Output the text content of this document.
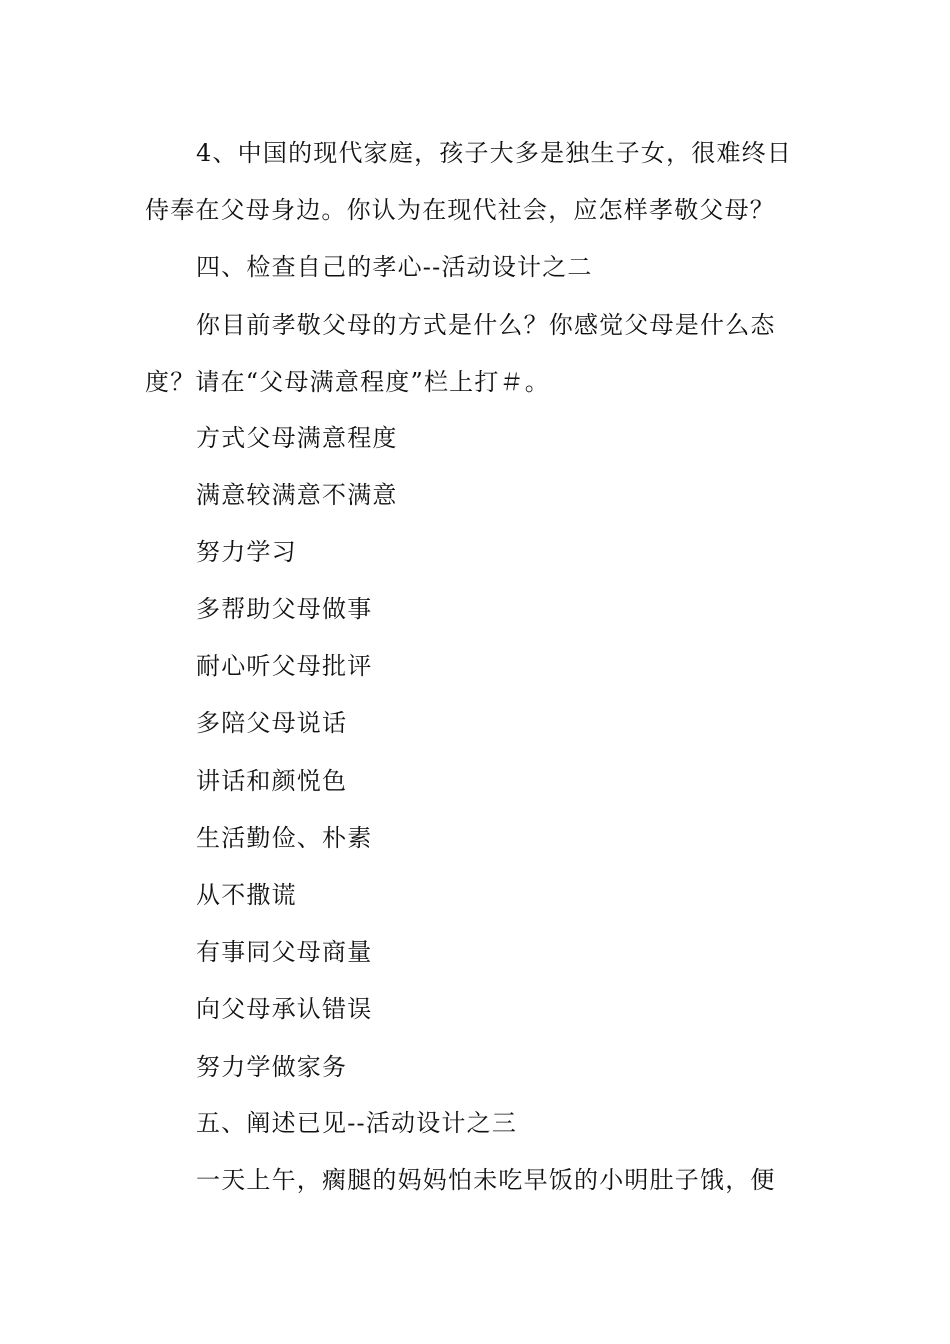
4、中国的现代家庭，孩子大多是独生子女，很难终日

侍奉在父母身边。你认为在现代社会，应怎样孝敬父母？

四、检查自己的孝心--活动设计之二

你目前孝敬父母的方式是什么？你感觉父母是什么态

度？请在“父母满意程度”栏上打＃。

方式父母满意程度

满意较满意不满意

努力学习

多帮助父母做事

耐心听父母批评

多陪父母说话

讲话和颜悦色

生活勤俭、朴素

从不撒谎

有事同父母商量

向父母承认错误

努力学做家务

五、阐述已见--活动设计之三

一天上午，瘸腿的妈妈怕未吃早饭的小明肚子饿，便
